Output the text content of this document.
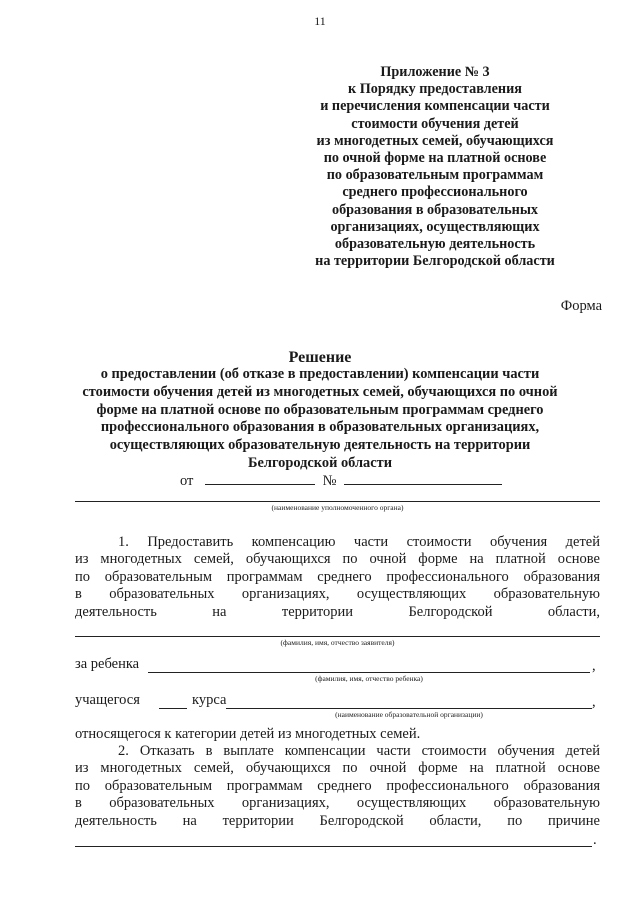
11
Приложение № 3
к Порядку предоставления
и перечисления компенсации части
стоимости обучения детей
из многодетных семей, обучающихся
по очной форме на платной основе
по образовательным программам
среднего профессионального
образования в образовательных
организациях, осуществляющих
образовательную деятельность
на территории Белгородской области
Форма
Решение
о предоставлении (об отказе в предоставлении) компенсации части
стоимости обучения детей из многодетных семей, обучающихся по очной
форме на платной основе по образовательным программам среднего
профессионального образования в образовательных организациях,
осуществляющих образовательную деятельность на территории
Белгородской области
от	№
(наименование уполномоченного органа)
1. Предоставить компенсацию части стоимости обучения детей
из многодетных семей, обучающихся по очной форме на платной основе
по образовательным программам среднего профессионального образования
в образовательных организациях, осуществляющих образовательную
деятельность на территории Белгородской области,
(фамилия, имя, отчество заявителя)
за ребенка	,
(фамилия, имя, отчество ребенка)
учащегося	курса	,
(наименование образовательной организации)
относящегося к категории детей из многодетных семей.
2. Отказать в выплате компенсации части стоимости обучения детей
из многодетных семей, обучающихся по очной форме на платной основе
по образовательным программам среднего профессионального образования
в образовательных организациях, осуществляющих образовательную
деятельность на территории Белгородской области, по причине
.
